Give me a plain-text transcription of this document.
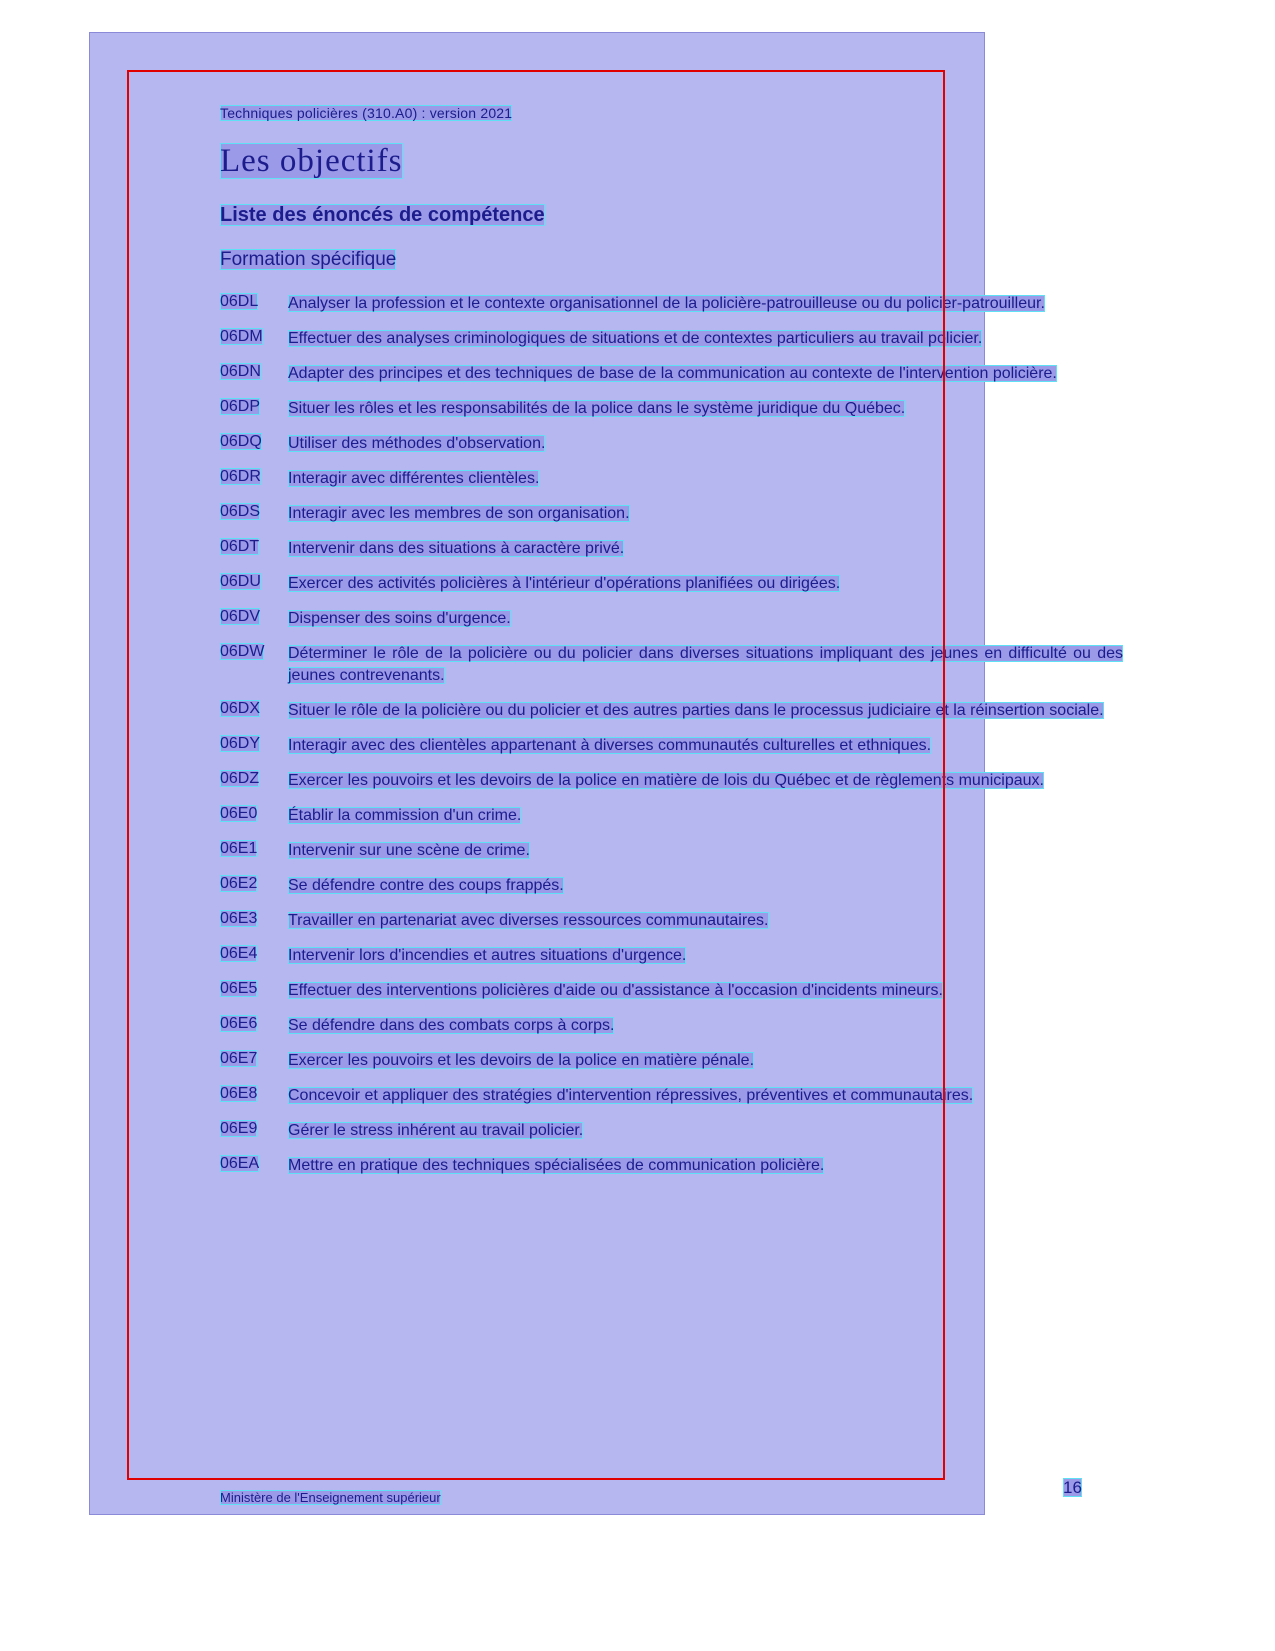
Techniques policières (310.A0) : version 2021
Les objectifs
Liste des énoncés de compétence
Formation spécifique
06DL	Analyser la profession et le contexte organisationnel de la policière-patrouilleuse ou du policier-patrouilleur.
06DM	Effectuer des analyses criminologiques de situations et de contextes particuliers au travail policier.
06DN	Adapter des principes et des techniques de base de la communication au contexte de l'intervention policière.
06DP	Situer les rôles et les responsabilités de la police dans le système juridique du Québec.
06DQ	Utiliser des méthodes d'observation.
06DR	Interagir avec différentes clientèles.
06DS	Interagir avec les membres de son organisation.
06DT	Intervenir dans des situations à caractère privé.
06DU	Exercer des activités policières à l'intérieur d'opérations planifiées ou dirigées.
06DV	Dispenser des soins d'urgence.
06DW	Déterminer le rôle de la policière ou du policier dans diverses situations impliquant des jeunes en difficulté ou des jeunes contrevenants.
06DX	Situer le rôle de la policière ou du policier et des autres parties dans le processus judiciaire et la réinsertion sociale.
06DY	Interagir avec des clientèles appartenant à diverses communautés culturelles et ethniques.
06DZ	Exercer les pouvoirs et les devoirs de la police en matière de lois du Québec et de règlements municipaux.
06E0	Établir la commission d'un crime.
06E1	Intervenir sur une scène de crime.
06E2	Se défendre contre des coups frappés.
06E3	Travailler en partenariat avec diverses ressources communautaires.
06E4	Intervenir lors d'incendies et autres situations d'urgence.
06E5	Effectuer des interventions policières d'aide ou d'assistance à l'occasion d'incidents mineurs.
06E6	Se défendre dans des combats corps à corps.
06E7	Exercer les pouvoirs et les devoirs de la police en matière pénale.
06E8	Concevoir et appliquer des stratégies d'intervention répressives, préventives et communautaires.
06E9	Gérer le stress inhérent au travail policier.
06EA	Mettre en pratique des techniques spécialisées de communication policière.
Ministère de l'Enseignement supérieur
16
